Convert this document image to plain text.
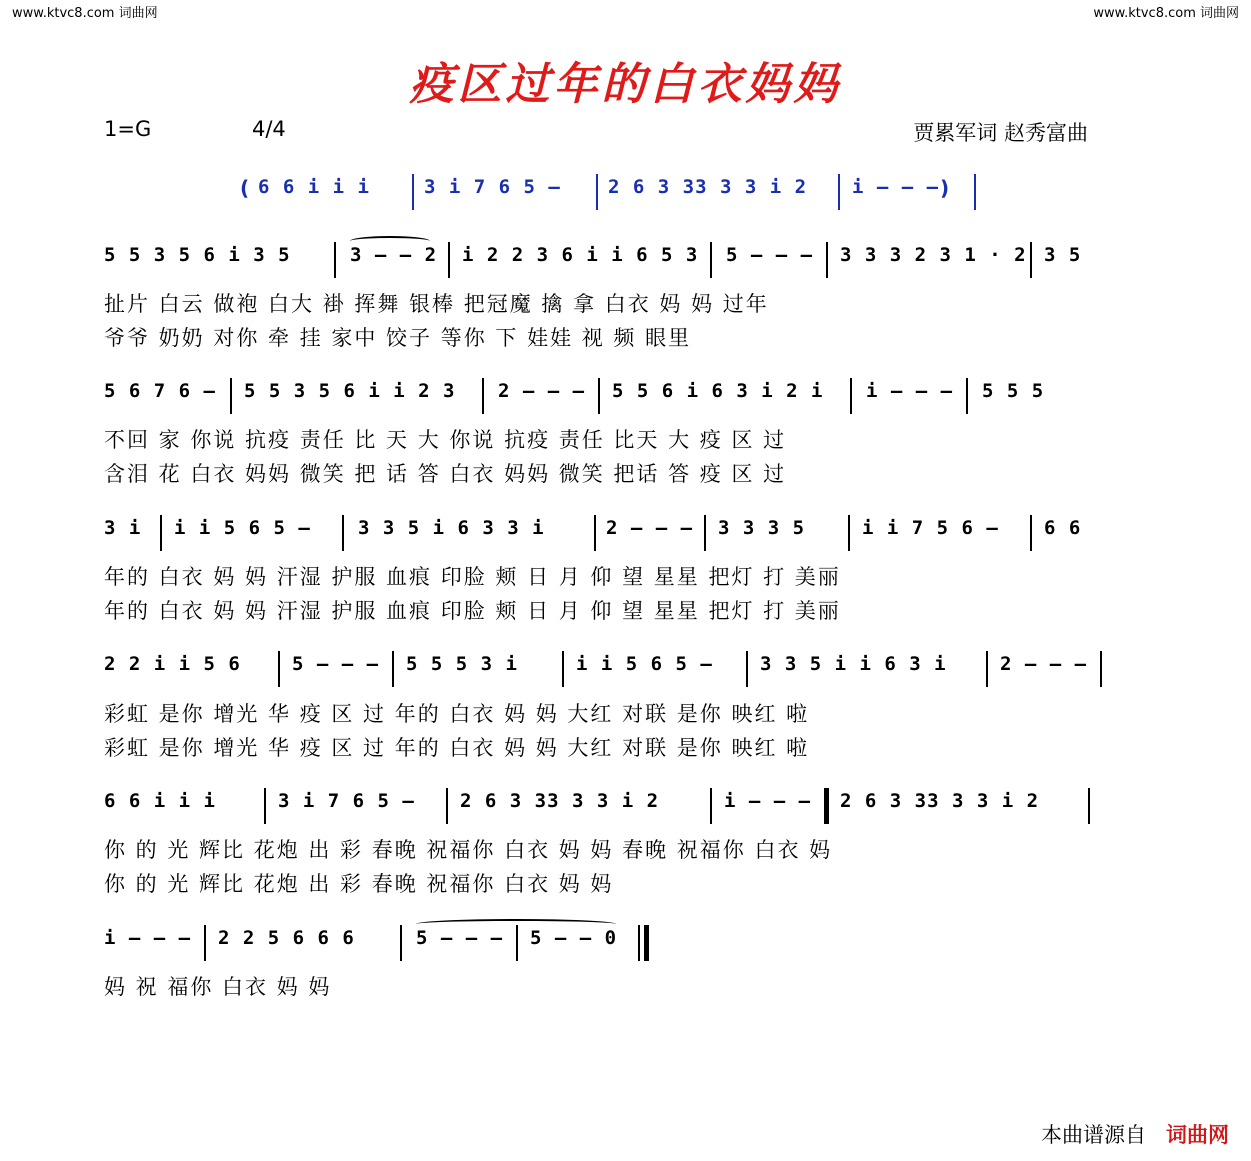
www.ktvc8.com 词曲网	www.ktvc8.com 词曲网
疫区过年的白衣妈妈
1=G	4/4	贾累军词 赵秀富曲
( 6 6 i i i	3 i 7 6 5 – 2 6 3 33 3 3 i 2 i – – – )
5 5 3 5 6 i 3 5	3 – – 2 i 2 2 3 6 i i 6 5 3 5 – – – 3 3 3 2 3 1 · 2 3 5
扯片 白云 做袍 白大 褂 挥舞 银棒 把冠魔 擒 拿 白衣 妈 妈 过年
爷爷 奶奶 对你 牵 挂 家中 饺子 等你 下 娃娃 视 频 眼里
5 6 7 6 – 5 5 3 5 6 i i 2 3 2 – – – 5 5 6 i 6 3 i 2 i i – – – 5 5 5
不回 家 你说 抗疫 责任 比 天 大 你说 抗疫 责任 比天 大 疫 区 过
含泪 花 白衣 妈妈 微笑 把 话 答 白衣 妈妈 微笑 把话 答 疫 区 过
3 i i i 5 6 5 – 3 3 5 i 6 3 3 i	2 – – – 3 3 3 5	i i 7 5 6 – 6 6
年的 白衣 妈 妈 汗湿 护服 血痕 印脸 颊 日 月 仰 望 星星 把灯 打 美丽
年的 白衣 妈 妈 汗湿 护服 血痕 印脸 颊 日 月 仰 望 星星 把灯 打 美丽
2 2 i i 5 6	5 – – – 5 5 5 3 i	i i 5 6 5 – 3 3 5 i i 6 3 i	2 – – –
彩虹 是你 增光 华 疫 区 过 年的 白衣 妈 妈 大红 对联 是你 映红 啦
彩虹 是你 增光 华 疫 区 过 年的 白衣 妈 妈 大红 对联 是你 映红 啦
6 6 i i i	3 i 7 6 5 – 2 6 3 33 3 3 i 2	i – – – 2 6 3 33 3 3 i 2
你 的 光 辉比 花炮 出 彩 春晚 祝福你 白衣 妈 妈 春晚 祝福你 白衣 妈
你 的 光 辉比 花炮 出 彩 春晚 祝福你 白衣 妈 妈
i – – – 2 2 5 6 6 6	5 – – – 5 – – 0
妈 祝 福你 白衣 妈 妈
本曲谱源自 词曲网
